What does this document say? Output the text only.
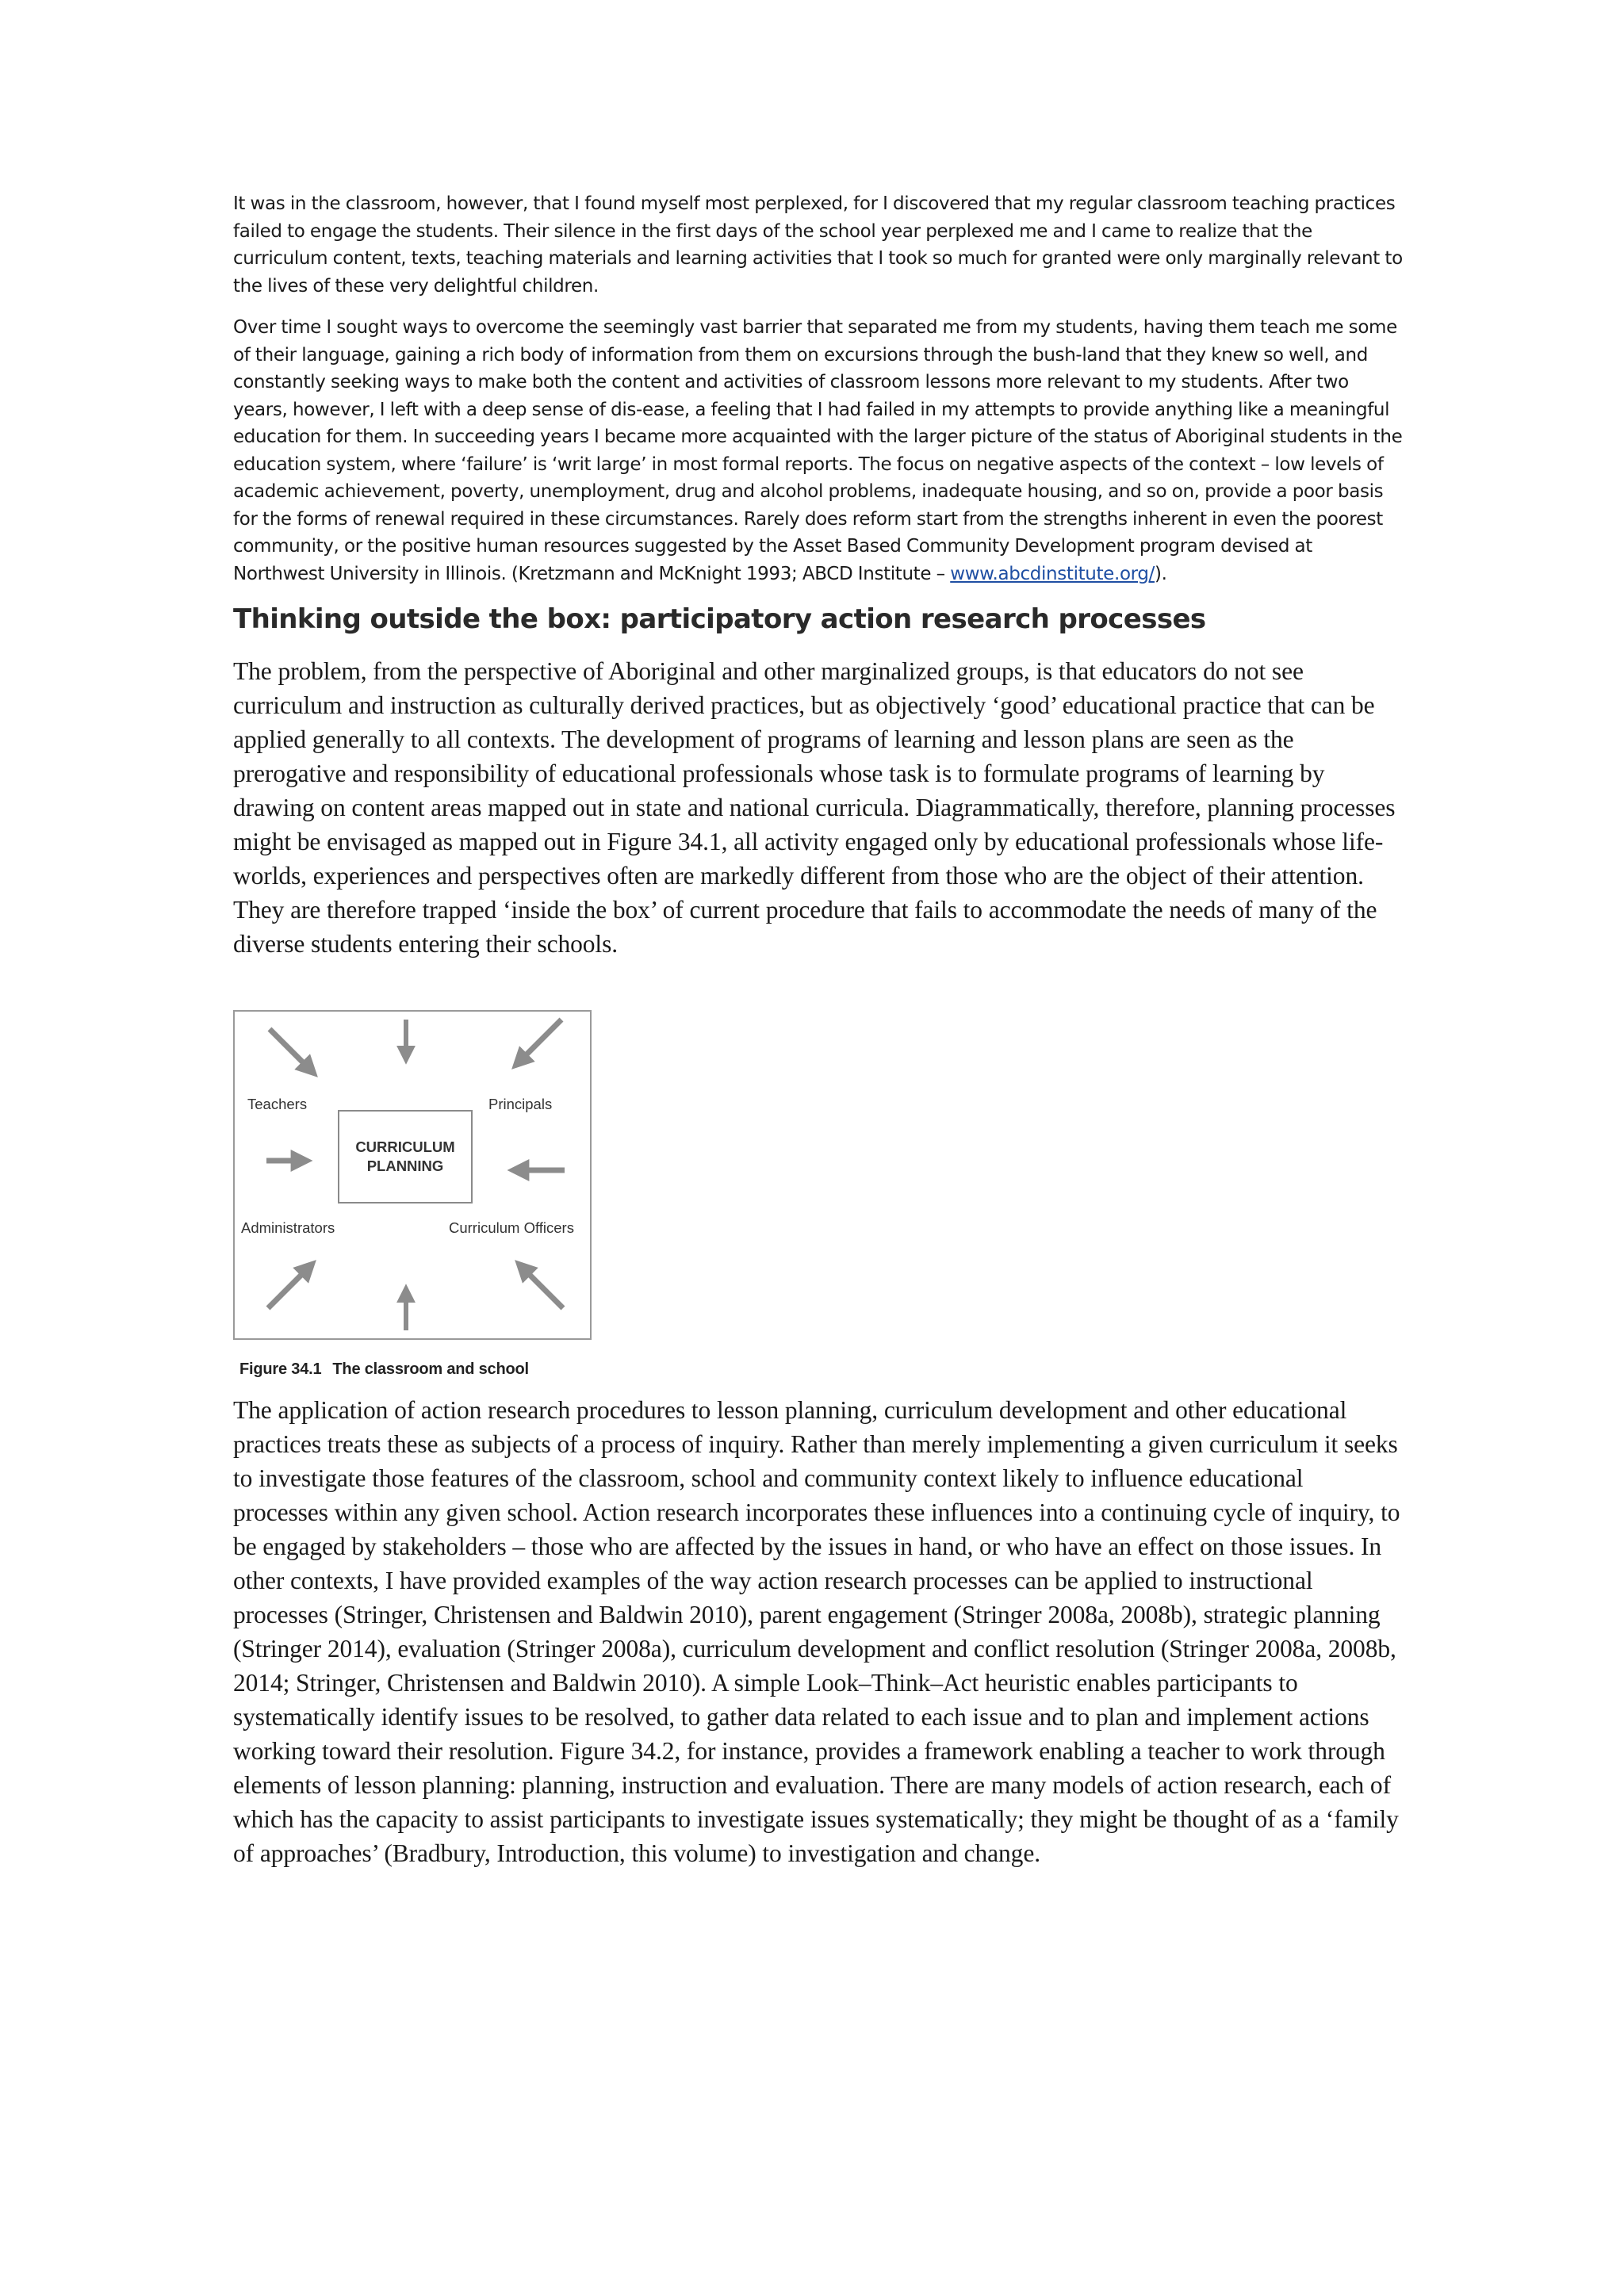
It was in the classroom, however, that I found myself most perplexed, for I discovered that my regular classroom teaching practices failed to engage the students. Their silence in the first days of the school year perplexed me and I came to realize that the curriculum content, texts, teaching materials and learning activities that I took so much for granted were only marginally relevant to the lives of these very delightful children.

Over time I sought ways to overcome the seemingly vast barrier that separated me from my students, having them teach me some of their language, gaining a rich body of information from them on excursions through the bush-land that they knew so well, and constantly seeking ways to make both the content and activities of classroom lessons more relevant to my students. After two years, however, I left with a deep sense of dis-ease, a feeling that I had failed in my attempts to provide anything like a meaningful education for them. In succeeding years I became more acquainted with the larger picture of the status of Aboriginal students in the education system, where ‘failure’ is ‘writ large’ in most formal reports. The focus on negative aspects of the context – low levels of academic achievement, poverty, unemployment, drug and alcohol problems, inadequate housing, and so on, provide a poor basis for the forms of renewal required in these circumstances. Rarely does reform start from the strengths inherent in even the poorest community, or the positive human resources suggested by the Asset Based Community Development program devised at Northwest University in Illinois. (Kretzmann and McKnight 1993; ABCD Institute – www.abcdinstitute.org/).

Thinking outside the box: participatory action research processes

The problem, from the perspective of Aboriginal and other marginalized groups, is that educators do not see curriculum and instruction as culturally derived practices, but as objectively ‘good’ educational practice that can be applied generally to all contexts. The development of programs of learning and lesson plans are seen as the prerogative and responsibility of educational professionals whose task is to formulate programs of learning by drawing on content areas mapped out in state and national curricula. Diagrammatically, therefore, planning processes might be envisaged as mapped out in Figure 34.1, all activity engaged only by educational professionals whose life-worlds, experiences and perspectives often are markedly different from those who are the object of their attention. They are therefore trapped ‘inside the box’ of current procedure that fails to accommodate the needs of many of the diverse students entering their schools.

Teachers	Principals
Administrators	Curriculum Officers
CURRICULUM
PLANNING
Figure 34.1 The classroom and school

The application of action research procedures to lesson planning, curriculum development and other educational practices treats these as subjects of a process of inquiry. Rather than merely implementing a given curriculum it seeks to investigate those features of the classroom, school and community context likely to influence educational processes within any given school. Action research incorporates these influences into a continuing cycle of inquiry, to be engaged by stakeholders – those who are affected by the issues in hand, or who have an effect on those issues. In other contexts, I have provided examples of the way action research processes can be applied to instructional processes (Stringer, Christensen and Baldwin 2010), parent engagement (Stringer 2008a, 2008b), strategic planning (Stringer 2014), evaluation (Stringer 2008a), curriculum development and conflict resolution (Stringer 2008a, 2008b, 2014; Stringer, Christensen and Baldwin 2010). A simple Look–Think–Act heuristic enables participants to systematically identify issues to be resolved, to gather data related to each issue and to plan and implement actions working toward their resolution. Figure 34.2, for instance, provides a framework enabling a teacher to work through elements of lesson planning: planning, instruction and evaluation. There are many models of action research, each of which has the capacity to assist participants to investigate issues systematically; they might be thought of as a ‘family of approaches’ (Bradbury, Introduction, this volume) to investigation and change.
